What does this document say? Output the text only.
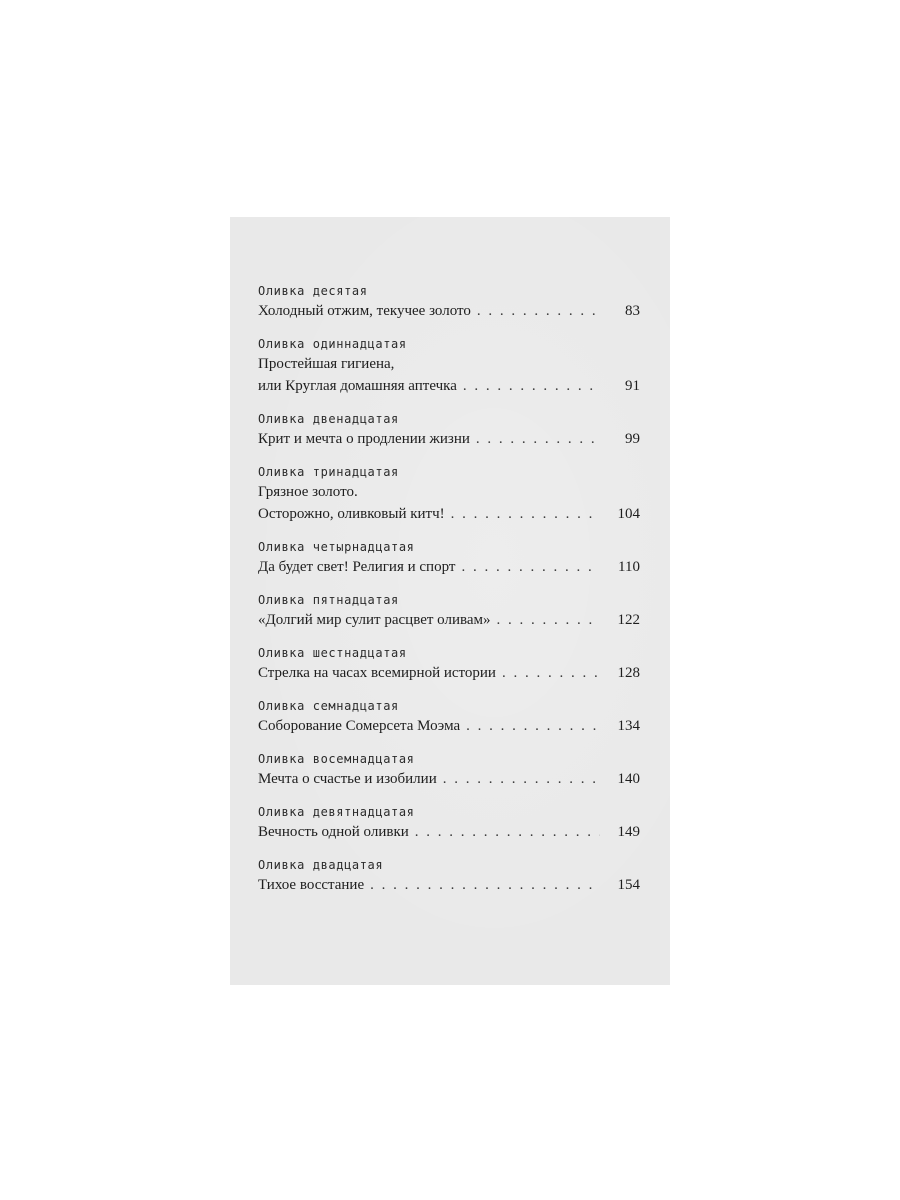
Оливка десятая
Холодный отжим, текучее золото . . .	83
Оливка одиннадцатая
Простейшая гигиена,
или Круглая домашняя аптечка . . .	91
Оливка двенадцатая
Крит и мечта о продлении жизни . . .	99
Оливка тринадцатая
Грязное золото.
Осторожно, оливковый китч! . . .	104
Оливка четырнадцатая
Да будет свет! Религия и спорт . . .	110
Оливка пятнадцатая
«Долгий мир сулит расцвет оливам» . . .	122
Оливка шестнадцатая
Стрелка на часах всемирной истории . . .	128
Оливка семнадцатая
Соборование Сомерсета Моэма . . .	134
Оливка восемнадцатая
Мечта о счастье и изобилии . . .	140
Оливка девятнадцатая
Вечность одной оливки . . .	149
Оливка двадцатая
Тихое восстание . . .	154
